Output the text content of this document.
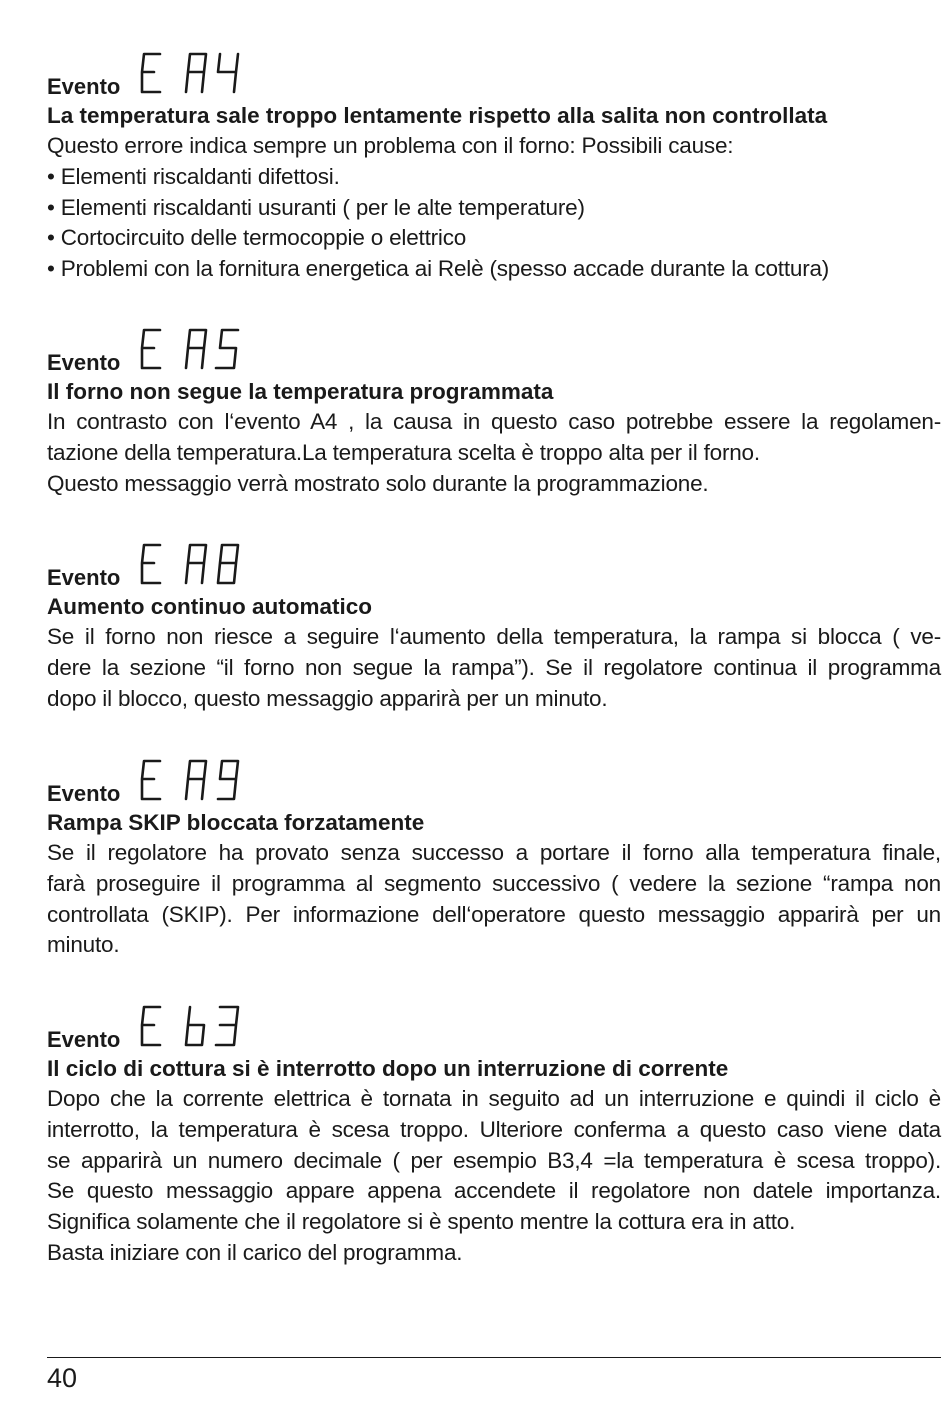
Evento
La temperatura sale troppo lentamente rispetto alla salita non controllata
Questo errore indica sempre un problema con il forno: Possibili cause:
• Elementi riscaldanti difettosi.
• Elementi riscaldanti usuranti ( per le alte temperature)
• Cortocircuito delle termocoppie o elettrico
• Problemi con la fornitura energetica ai Relè (spesso accade durante la cottura)
Evento
Il forno non segue la temperatura programmata
In contrasto con l‘evento A4 , la causa in questo caso potrebbe essere la regolamen-
tazione della temperatura.La temperatura scelta è troppo alta per il forno.
Questo messaggio verrà mostrato solo durante la programmazione.
Evento
Aumento continuo automatico
Se il forno non riesce a seguire l‘aumento della temperatura, la rampa si blocca ( ve-
dere la sezione “il forno non segue la rampa”). Se il regolatore continua il programma
dopo il blocco, questo messaggio apparirà per un minuto.
Evento
Rampa SKIP bloccata forzatamente
Se il regolatore ha provato senza successo a portare il forno alla temperatura finale,
farà proseguire il programma al segmento successivo ( vedere la sezione “rampa non
controllata (SKIP). Per informazione dell‘operatore questo messaggio apparirà per un
minuto.
Evento
Il ciclo di cottura si è interrotto dopo un interruzione di corrente
Dopo che la corrente elettrica è tornata in seguito ad un interruzione e quindi il ciclo è
interrotto, la temperatura è scesa troppo. Ulteriore conferma a questo caso viene data
se apparirà un numero decimale ( per esempio B3,4 =la temperatura è scesa troppo).
Se questo messaggio appare appena accendete il regolatore non datele importanza.
Significa solamente che il regolatore si è spento mentre la cottura era in atto.
Basta iniziare con il carico del programma.
40
